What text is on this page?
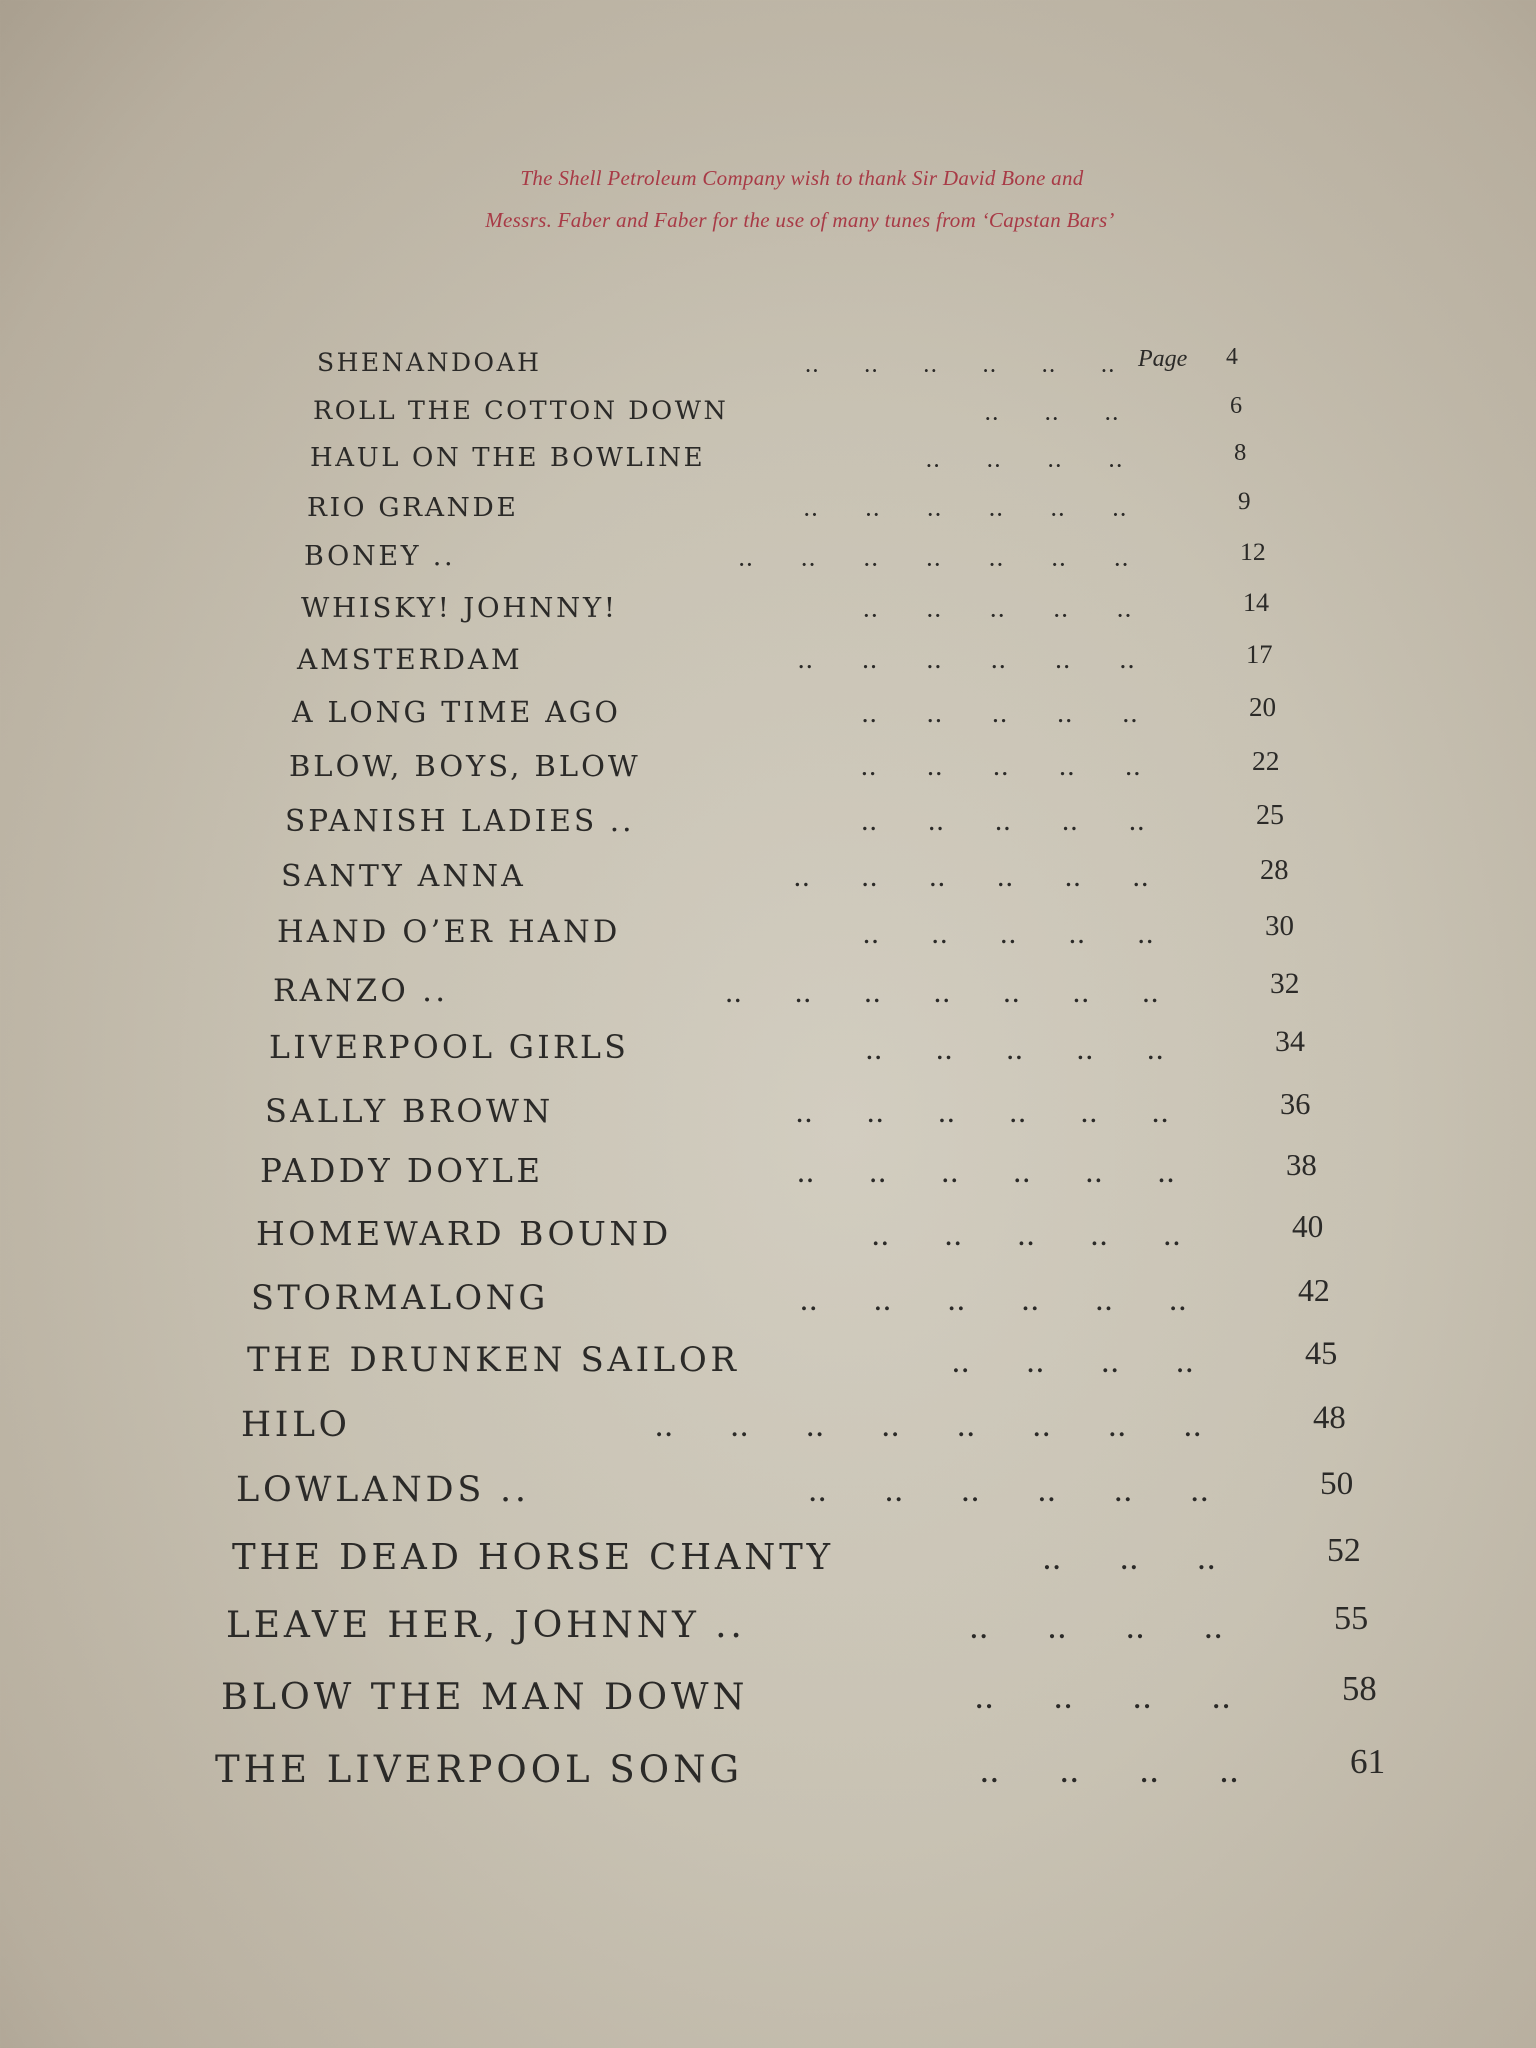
The Shell Petroleum Company wish to thank Sir David Bone and
Messrs. Faber and Faber for the use of many tunes from ‘Capstan Bars’
SHENANDOAH	..      ..      ..      ..      ..      ..	4
Page
ROLL THE COTTON DOWN	..      ..      ..	6
HAUL ON THE BOWLINE	..      ..      ..      ..	8
RIO GRANDE	..      ..      ..      ..      ..      ..	9
BONEY ..	..      ..      ..      ..      ..      ..      ..	12
WHISKY! JOHNNY!	..      ..      ..      ..      ..	14
AMSTERDAM	..      ..      ..      ..      ..      ..	17
A LONG TIME AGO	..      ..      ..      ..      ..	20
BLOW, BOYS, BLOW	..      ..      ..      ..      ..	22
SPANISH LADIES ..	..      ..      ..      ..      ..	25
SANTY ANNA	..      ..      ..      ..      ..      ..	28
HAND O’ER HAND	..      ..      ..      ..      ..	30
RANZO ..	..      ..      ..      ..      ..      ..      ..	32
LIVERPOOL GIRLS	..      ..      ..      ..      ..	34
SALLY BROWN	..      ..      ..      ..      ..      ..	36
PADDY DOYLE	..      ..      ..      ..      ..      ..	38
HOMEWARD BOUND	..      ..      ..      ..      ..	40
STORMALONG	..      ..      ..      ..      ..      ..	42
THE DRUNKEN SAILOR	..      ..      ..      ..	45
HILO	..      ..      ..      ..      ..      ..      ..      ..	48
LOWLANDS ..	..      ..      ..      ..      ..      ..	50
THE DEAD HORSE CHANTY	..      ..      ..	52
LEAVE HER, JOHNNY ..	..      ..      ..      ..	55
BLOW THE MAN DOWN	..      ..      ..      ..	58
THE LIVERPOOL SONG	..      ..      ..      ..	61
